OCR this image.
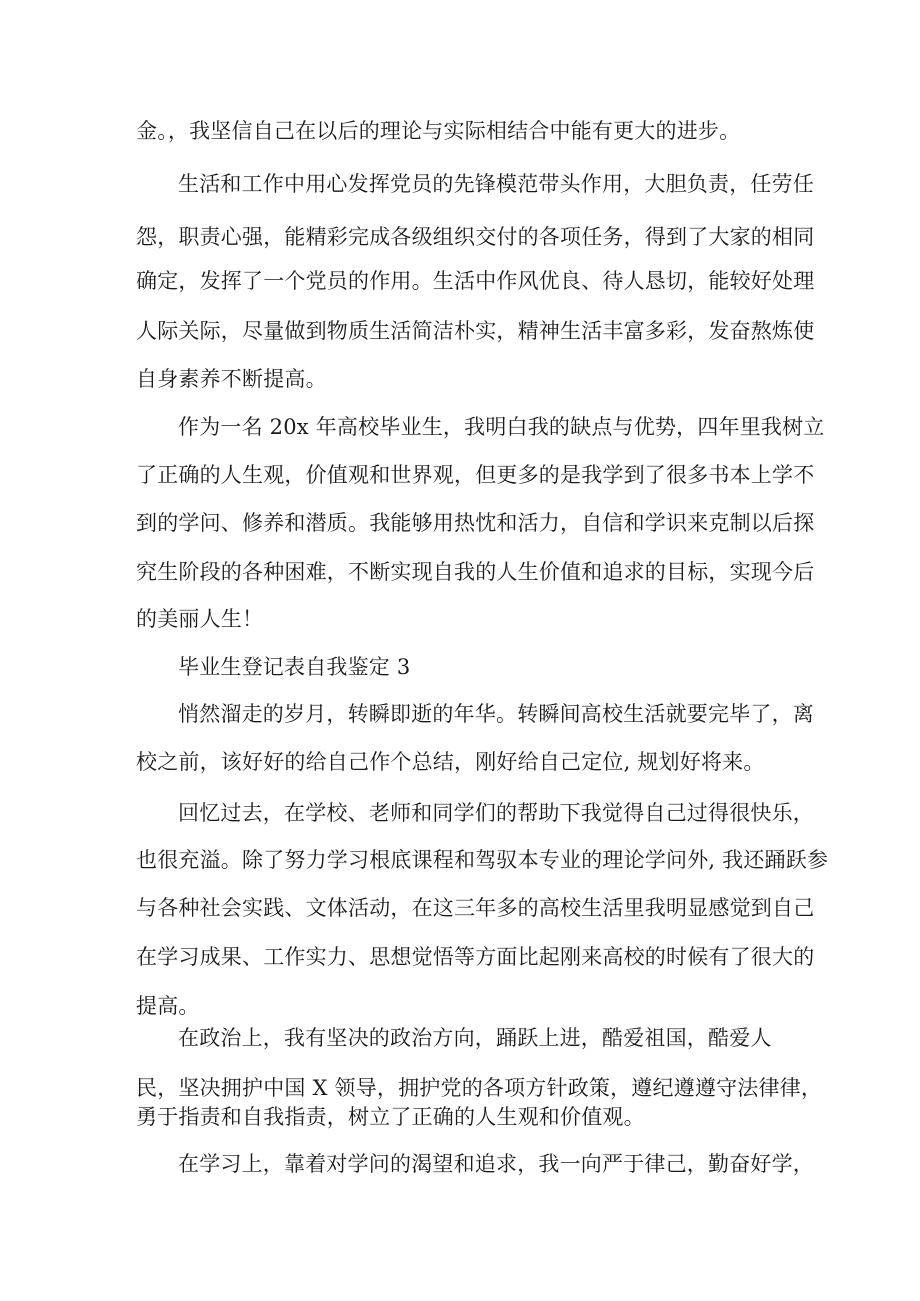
金。，我坚信自己在以后的理论与实际相结合中能有更大的进步。
生活和工作中用心发挥党员的先锋模范带头作用，大胆负责，任劳任
怨，职责心强，能精彩完成各级组织交付的各项任务，得到了大家的相同
确定，发挥了一个党员的作用。生活中作风优良、待人恳切，能较好处理
人际关际，尽量做到物质生活简洁朴实，精神生活丰富多彩，发奋熬炼使
自身素养不断提高。
作为一名 20x 年高校毕业生，我明白我的缺点与优势，四年里我树立
了正确的人生观，价值观和世界观，但更多的是我学到了很多书本上学不
到的学问、修养和潜质。我能够用热忱和活力，自信和学识来克制以后探
究生阶段的各种困难，不断实现自我的人生价值和追求的目标，实现今后
的美丽人生！
毕业生登记表自我鉴定 3
悄然溜走的岁月，转瞬即逝的年华。转瞬间高校生活就要完毕了，离
校之前，该好好的给自己作个总结，刚好给自己定位, 规划好将来。
回忆过去，在学校、老师和同学们的帮助下我觉得自己过得很快乐，
也很充溢。除了努力学习根底课程和驾驭本专业的理论学问外, 我还踊跃参
与各种社会实践、文体活动，在这三年多的高校生活里我明显感觉到自己
在学习成果、工作实力、思想觉悟等方面比起刚来高校的时候有了很大的
提高。
在政治上，我有坚决的政治方向，踊跃上进，酷爱祖国，酷爱人
民，坚决拥护中国 X 领导，拥护党的各项方针政策，遵纪遵遵守法律律，
勇于指责和自我指责，树立了正确的人生观和价值观。
在学习上，靠着对学问的渴望和追求，我一向严于律己，勤奋好学，
